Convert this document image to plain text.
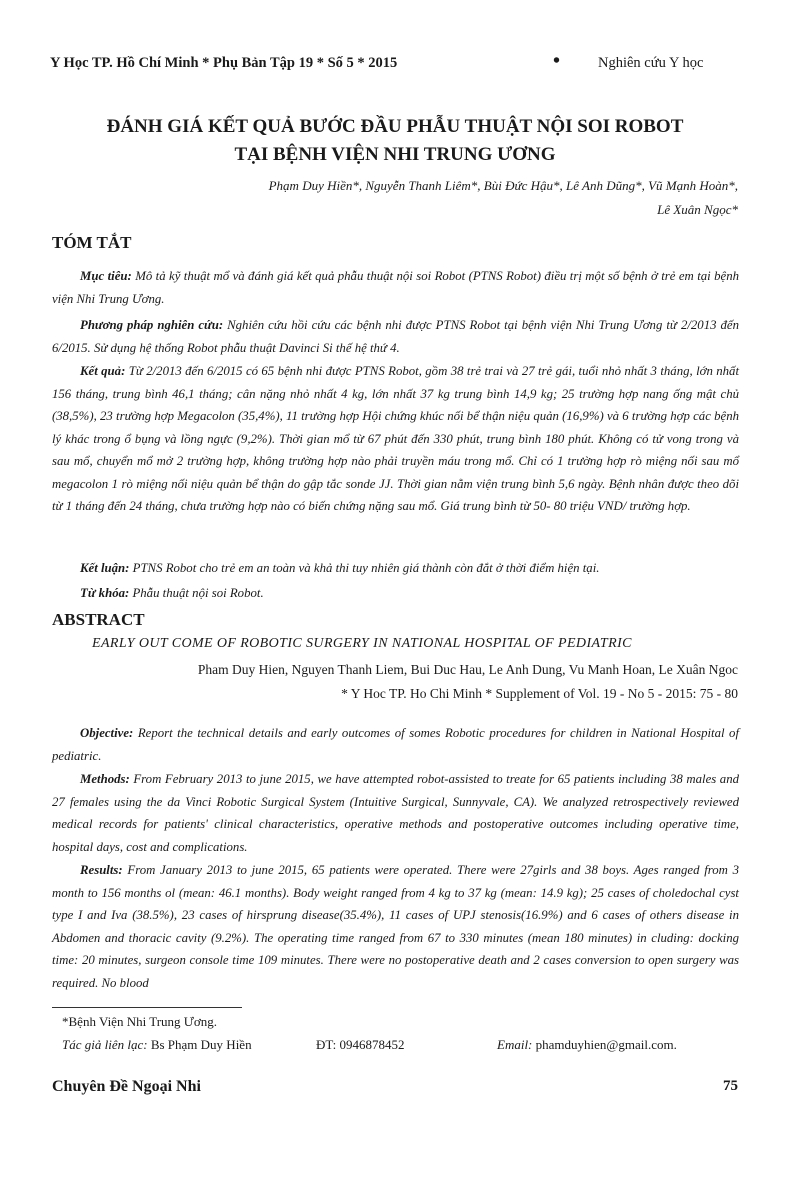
Y Học TP. Hồ Chí Minh * Phụ Bản Tập 19 * Số 5 * 2015	•	Nghiên cứu Y học
ĐÁNH GIÁ KẾT QUẢ BƯỚC ĐẦU PHẪU THUẬT NỘI SOI ROBOT
TẠI BỆNH VIỆN NHI TRUNG ƯƠNG
Phạm Duy Hiền*, Nguyễn Thanh Liêm*, Bùi Đức Hậu*, Lê Anh Dũng*, Vũ Mạnh Hoàn*,
Lê Xuân Ngọc*
TÓM TẮT
Mục tiêu: Mô tả kỹ thuật mổ và đánh giá kết quả phẫu thuật nội soi Robot (PTNS Robot) điều trị một số bệnh ở trẻ em tại bệnh viện Nhi Trung Ương.
Phương pháp nghiên cứu: Nghiên cứu hồi cứu các bệnh nhi được PTNS Robot tại bệnh viện Nhi Trung Ương từ 2/2013 đến 6/2015. Sử dụng hệ thống Robot phẫu thuật Davinci Si thế hệ thứ 4.
Kết quả: Từ 2/2013 đến 6/2015 có 65 bệnh nhi được PTNS Robot, gồm 38 trẻ trai và 27 trẻ gái, tuổi nhỏ nhất 3 tháng, lớn nhất 156 tháng, trung bình 46,1 tháng; cân nặng nhỏ nhất 4 kg, lớn nhất 37 kg trung bình 14,9 kg; 25 trường hợp nang ống mật chủ (38,5%), 23 trường hợp Megacolon (35,4%), 11 trường hợp Hội chứng khúc nối bể thận niệu quản (16,9%) và 6 trường hợp các bệnh lý khác trong ổ bụng và lồng ngực (9,2%). Thời gian mổ từ 67 phút đến 330 phút, trung bình 180 phút. Không có tử vong trong và sau mổ, chuyển mổ mở 2 trường hợp, không trường hợp nào phải truyền máu trong mổ. Chỉ có 1 trường hợp rò miệng nối sau mổ megacolon 1 rò miệng nối niệu quản bể thận do gập tắc sonde JJ. Thời gian nằm viện trung bình 5,6 ngày. Bệnh nhân được theo dõi từ 1 tháng đến 24 tháng, chưa trường hợp nào có biến chứng nặng sau mổ. Giá trung bình từ 50- 80 triệu VND/ trường hợp.
Kết luận: PTNS Robot cho trẻ em an toàn và khả thi tuy nhiên giá thành còn đắt ở thời điểm hiện tại.
Từ khóa: Phẫu thuật nội soi Robot.
ABSTRACT
EARLY OUT COME OF ROBOTIC SURGERY IN NATIONAL HOSPITAL OF PEDIATRIC
Pham Duy Hien, Nguyen Thanh Liem, Bui Duc Hau, Le Anh Dung, Vu Manh Hoan, Le Xuân Ngoc
* Y Hoc TP. Ho Chi Minh * Supplement of Vol. 19 - No 5 - 2015: 75 - 80
Objective: Report the technical details and early outcomes of somes Robotic procedures for children in National Hospital of pediatric.
Methods: From February 2013 to june 2015, we have attempted robot-assisted to treate for 65 patients including 38 males and 27 females using the da Vinci Robotic Surgical System (Intuitive Surgical, Sunnyvale, CA). We analyzed retrospectively reviewed medical records for patients' clinical characteristics, operative methods and postoperative outcomes including operative time, hospital days, cost and complications.
Results: From January 2013 to june 2015, 65 patients were operated. There were 27girls and 38 boys. Ages ranged from 3 month to 156 months ol (mean: 46.1 months). Body weight ranged from 4 kg to 37 kg (mean: 14.9 kg); 25 cases of choledochal cyst type I and Iva (38.5%), 23 cases of hirsprung disease(35.4%), 11 cases of UPJ stenosis(16.9%) and 6 cases of others disease in Abdomen and thoracic cavity (9.2%). The operating time ranged from 67 to 330 minutes (mean 180 minutes) in cluding: docking time: 20 minutes, surgeon console time 109 minutes. There were no postoperative death and 2 cases conversion to open surgery was required. No blood
*Bệnh Viện Nhi Trung Ương.
Tác giả liên lạc: Bs Phạm Duy Hiền	ĐT: 0946878452	Email: phamduyhien@gmail.com.
Chuyên Đề Ngoại Nhi	75
